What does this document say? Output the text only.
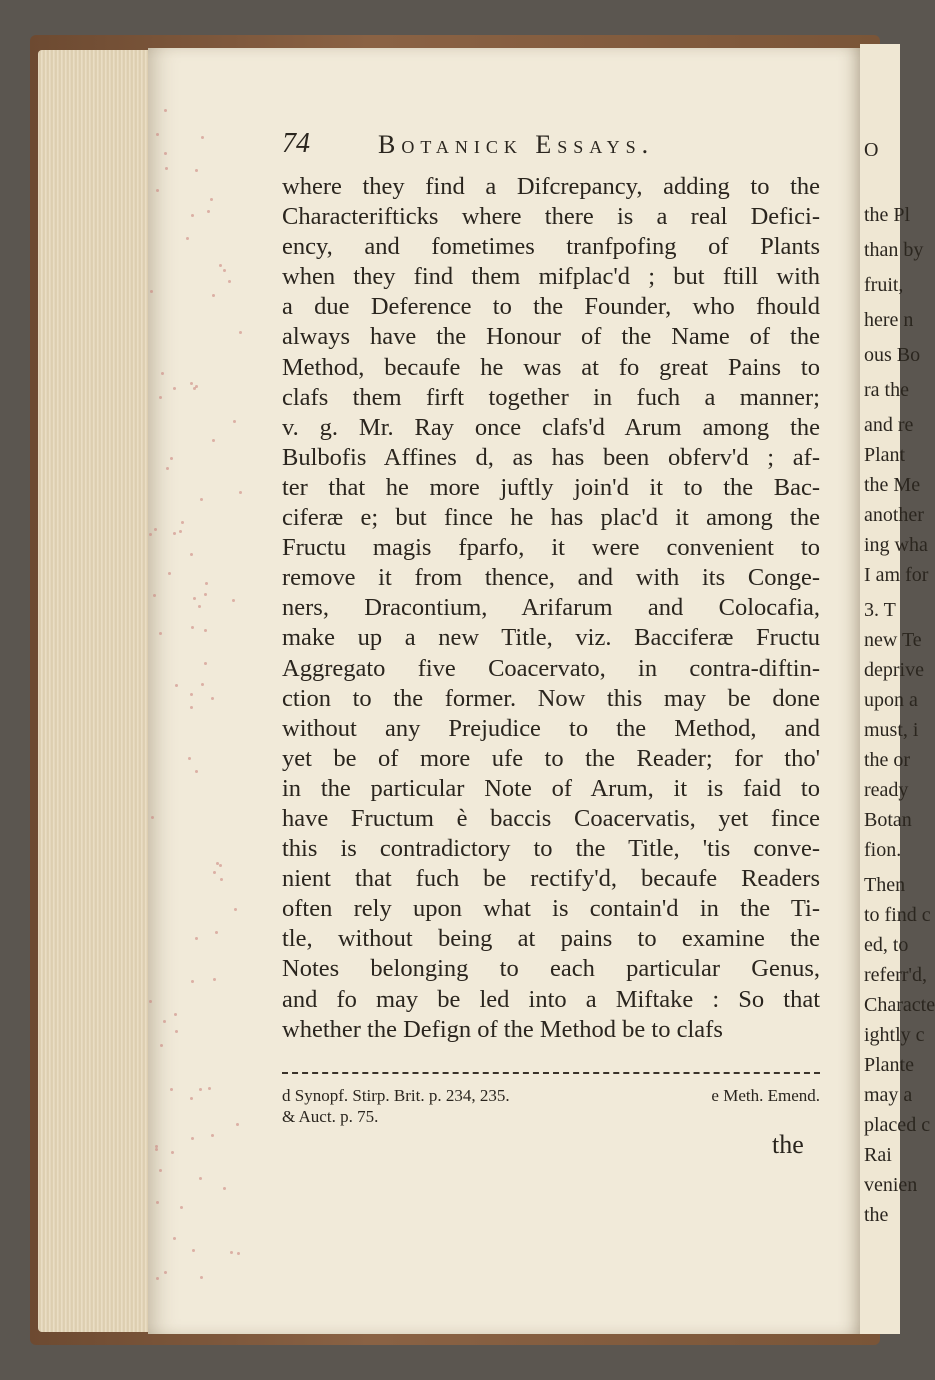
O
the Pl
than by
fruit,
here n
ous Bo
ra the
and re
Plant
the Me
another
ing wha
I am for
3. T
new Te
deprive
upon a
must, i
the or
ready
Botan
fion.
Then
to find c
ed, to
referr'd,
Characte
ightly c
Plante
may a
placed c
Rai
venien
the
74	Botanick Essays.
where they find a Difcrepancy, adding to the
Characterifticks where there is a real Defici-
ency, and fometimes tranfpofing of Plants
when they find them mifplac'd ; but ftill with
a due Deference to the Founder, who fhould
always have the Honour of the Name of the
Method, becaufe he was at fo great Pains to
clafs them firft together in fuch a manner;
v. g. Mr. Ray once clafs'd Arum among the
Bulbofis Affines d, as has been obferv'd ; af-
ter that he more juftly join'd it to the Bac-
ciferæ e; but fince he has plac'd it among the
Fructu magis fparfo, it were convenient to
remove it from thence, and with its Conge-
ners, Dracontium, Arifarum and Colocafia,
make up a new Title, viz. Bacciferæ Fructu
Aggregato five Coacervato, in contra-diftin-
ction to the former. Now this may be done
without any Prejudice to the Method, and
yet be of more ufe to the Reader; for tho'
in the particular Note of Arum, it is faid to
have Fructum è baccis Coacervatis, yet fince
this is contradictory to the Title, 'tis conve-
nient that fuch be rectify'd, becaufe Readers
often rely upon what is contain'd in the Ti-
tle, without being at pains to examine the
Notes belonging to each particular Genus,
and fo may be led into a Miftake : So that
whether the Defign of the Method be to clafs
d Synopf. Stirp. Brit. p. 234, 235.
& Auct. p. 75.
e Meth. Emend.
the
